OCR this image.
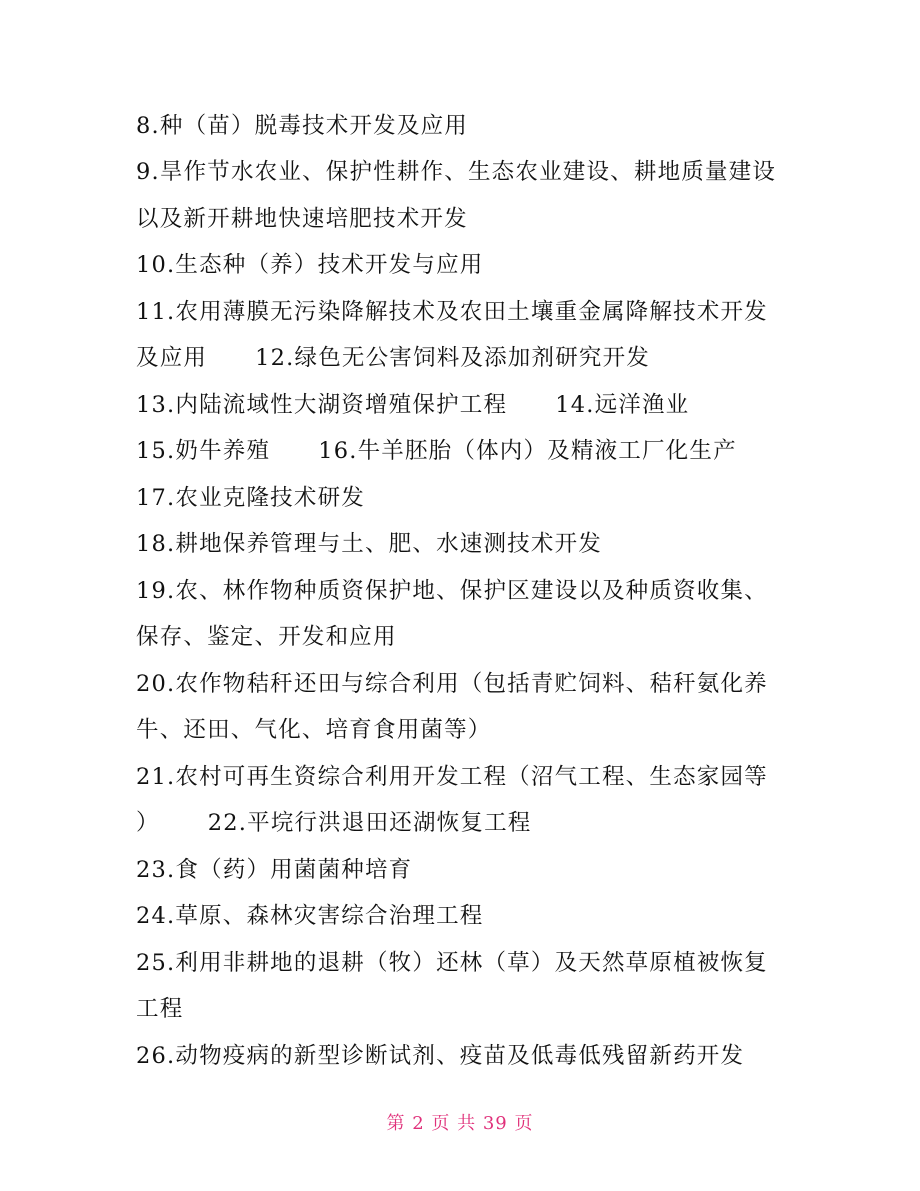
8.种（苗）脱毒技术开发及应用
9.旱作节水农业、保护性耕作、生态农业建设、耕地质量建设
以及新开耕地快速培肥技术开发
10.生态种（养）技术开发与应用
11.农用薄膜无污染降解技术及农田土壤重金属降解技术开发
及应用 12.绿色无公害饲料及添加剂研究开发
13.内陆流域性大湖资增殖保护工程 14.远洋渔业
15.奶牛养殖 16.牛羊胚胎（体内）及精液工厂化生产
17.农业克隆技术研发
18.耕地保养管理与土、肥、水速测技术开发
19.农、林作物种质资保护地、保护区建设以及种质资收集、
保存、鉴定、开发和应用
20.农作物秸秆还田与综合利用（包括青贮饲料、秸秆氨化养
牛、还田、气化、培育食用菌等）
21.农村可再生资综合利用开发工程（沼气工程、生态家园等
） 22.平垸行洪退田还湖恢复工程
23.食（药）用菌菌种培育
24.草原、森林灾害综合治理工程
25.利用非耕地的退耕（牧）还林（草）及天然草原植被恢复
工程
26.动物疫病的新型诊断试剂、疫苗及低毒低残留新药开发
第 2 页 共 39 页
